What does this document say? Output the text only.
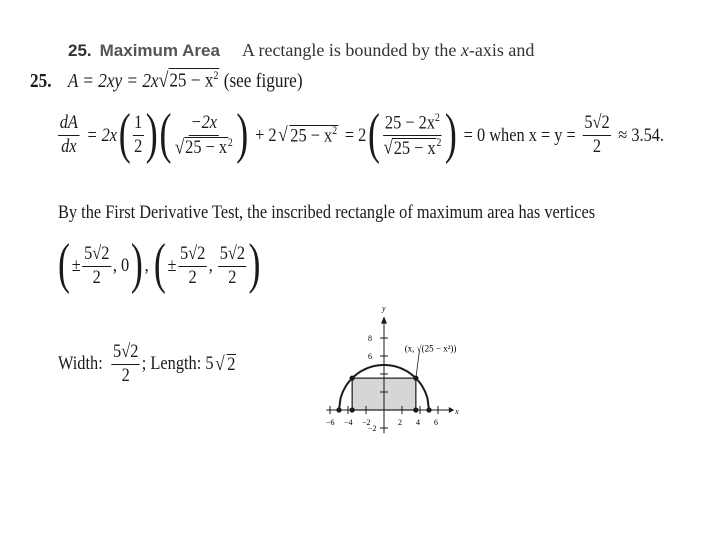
25. Maximum Area A rectangle is bounded by the x-axis and
25. $A = 2xy = 2x√25 - x^2$ (see figure)
$\frac{dA}{dx} = 2x$ ( $\frac{1}{2}$ ) ( $\frac{-2x}{√25 - x^2}$ ) + 2 √ $25 - x^2 = 2$ ( $\frac{25 - 2x^2}{√25 - x^2}$ ) = 0 when $x = y = \frac{5√2}{2} \approx 3.54$.
By the First Derivative Test, the inscribed rectangle of maximum area has vertices
( ± $\frac{5√2}{2}$ , 0 ) , ( ± $\frac{5√2}{2}$ , $\frac{5√2}{2}$ )
Width: $\frac{5√2}{2}$ ; Length: 5 √ 2
x
y
−6 −4 −2	2 4 6
8
6
−2
(x, √(25 − x²))
